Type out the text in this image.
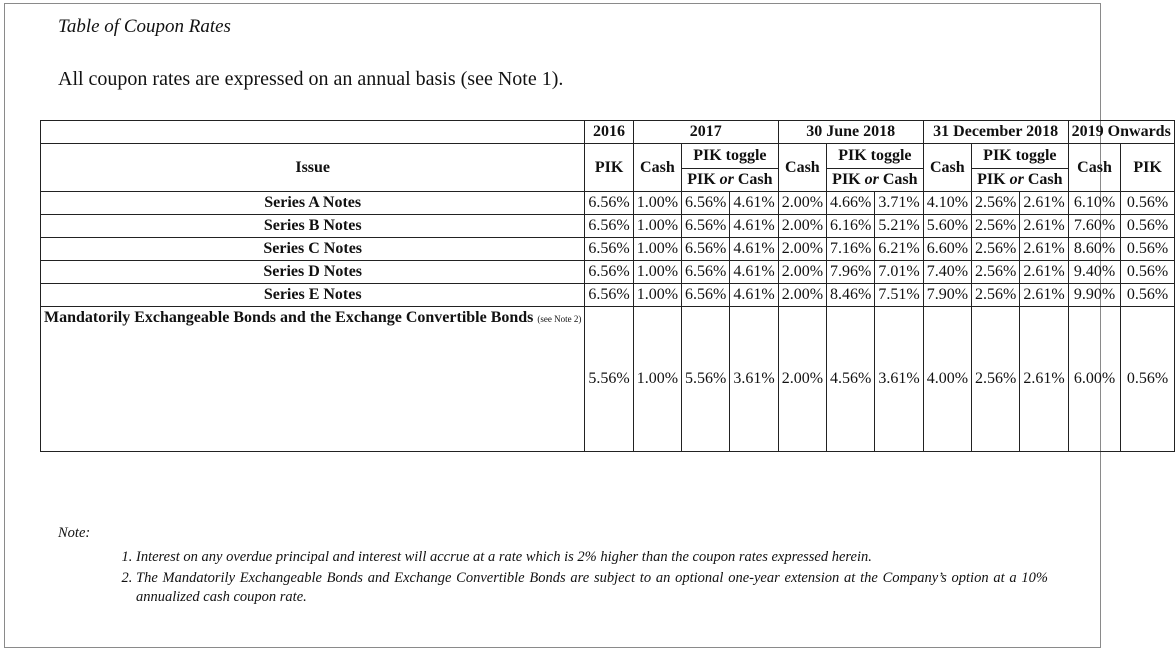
Table of Coupon Rates
All coupon rates are expressed on an annual basis (see Note 1).
	2016	2017			30 June 2018			31 December 2018			2019 Onwards	
Issue	PIK	Cash	PIK toggle		Cash	PIK toggle		Cash	PIK toggle		Cash	PIK
			PIK or Cash			PIK or Cash			PIK or Cash			
Series A Notes	6.56%	1.00%	6.56%	4.61%	2.00%	4.66%	3.71%	4.10%	2.56%	2.61%	6.10%	0.56%
Series B Notes	6.56%	1.00%	6.56%	4.61%	2.00%	6.16%	5.21%	5.60%	2.56%	2.61%	7.60%	0.56%
Series C Notes	6.56%	1.00%	6.56%	4.61%	2.00%	7.16%	6.21%	6.60%	2.56%	2.61%	8.60%	0.56%
Series D Notes	6.56%	1.00%	6.56%	4.61%	2.00%	7.96%	7.01%	7.40%	2.56%	2.61%	9.40%	0.56%
Series E Notes	6.56%	1.00%	6.56%	4.61%	2.00%	8.46%	7.51%	7.90%	2.56%	2.61%	9.90%	0.56%
Mandatorily Exchangeable Bonds and the Exchange Convertible Bonds (see Note 2)	5.56%	1.00%	5.56%	3.61%	2.00%	4.56%	3.61%	4.00%	2.56%	2.61%	6.00%	0.56%
Note:
1. Interest on any overdue principal and interest will accrue at a rate which is 2% higher than the coupon rates expressed herein.
2. The Mandatorily Exchangeable Bonds and Exchange Convertible Bonds are subject to an optional one-year extension at the Company’s option at a 10% annualized cash coupon rate.
